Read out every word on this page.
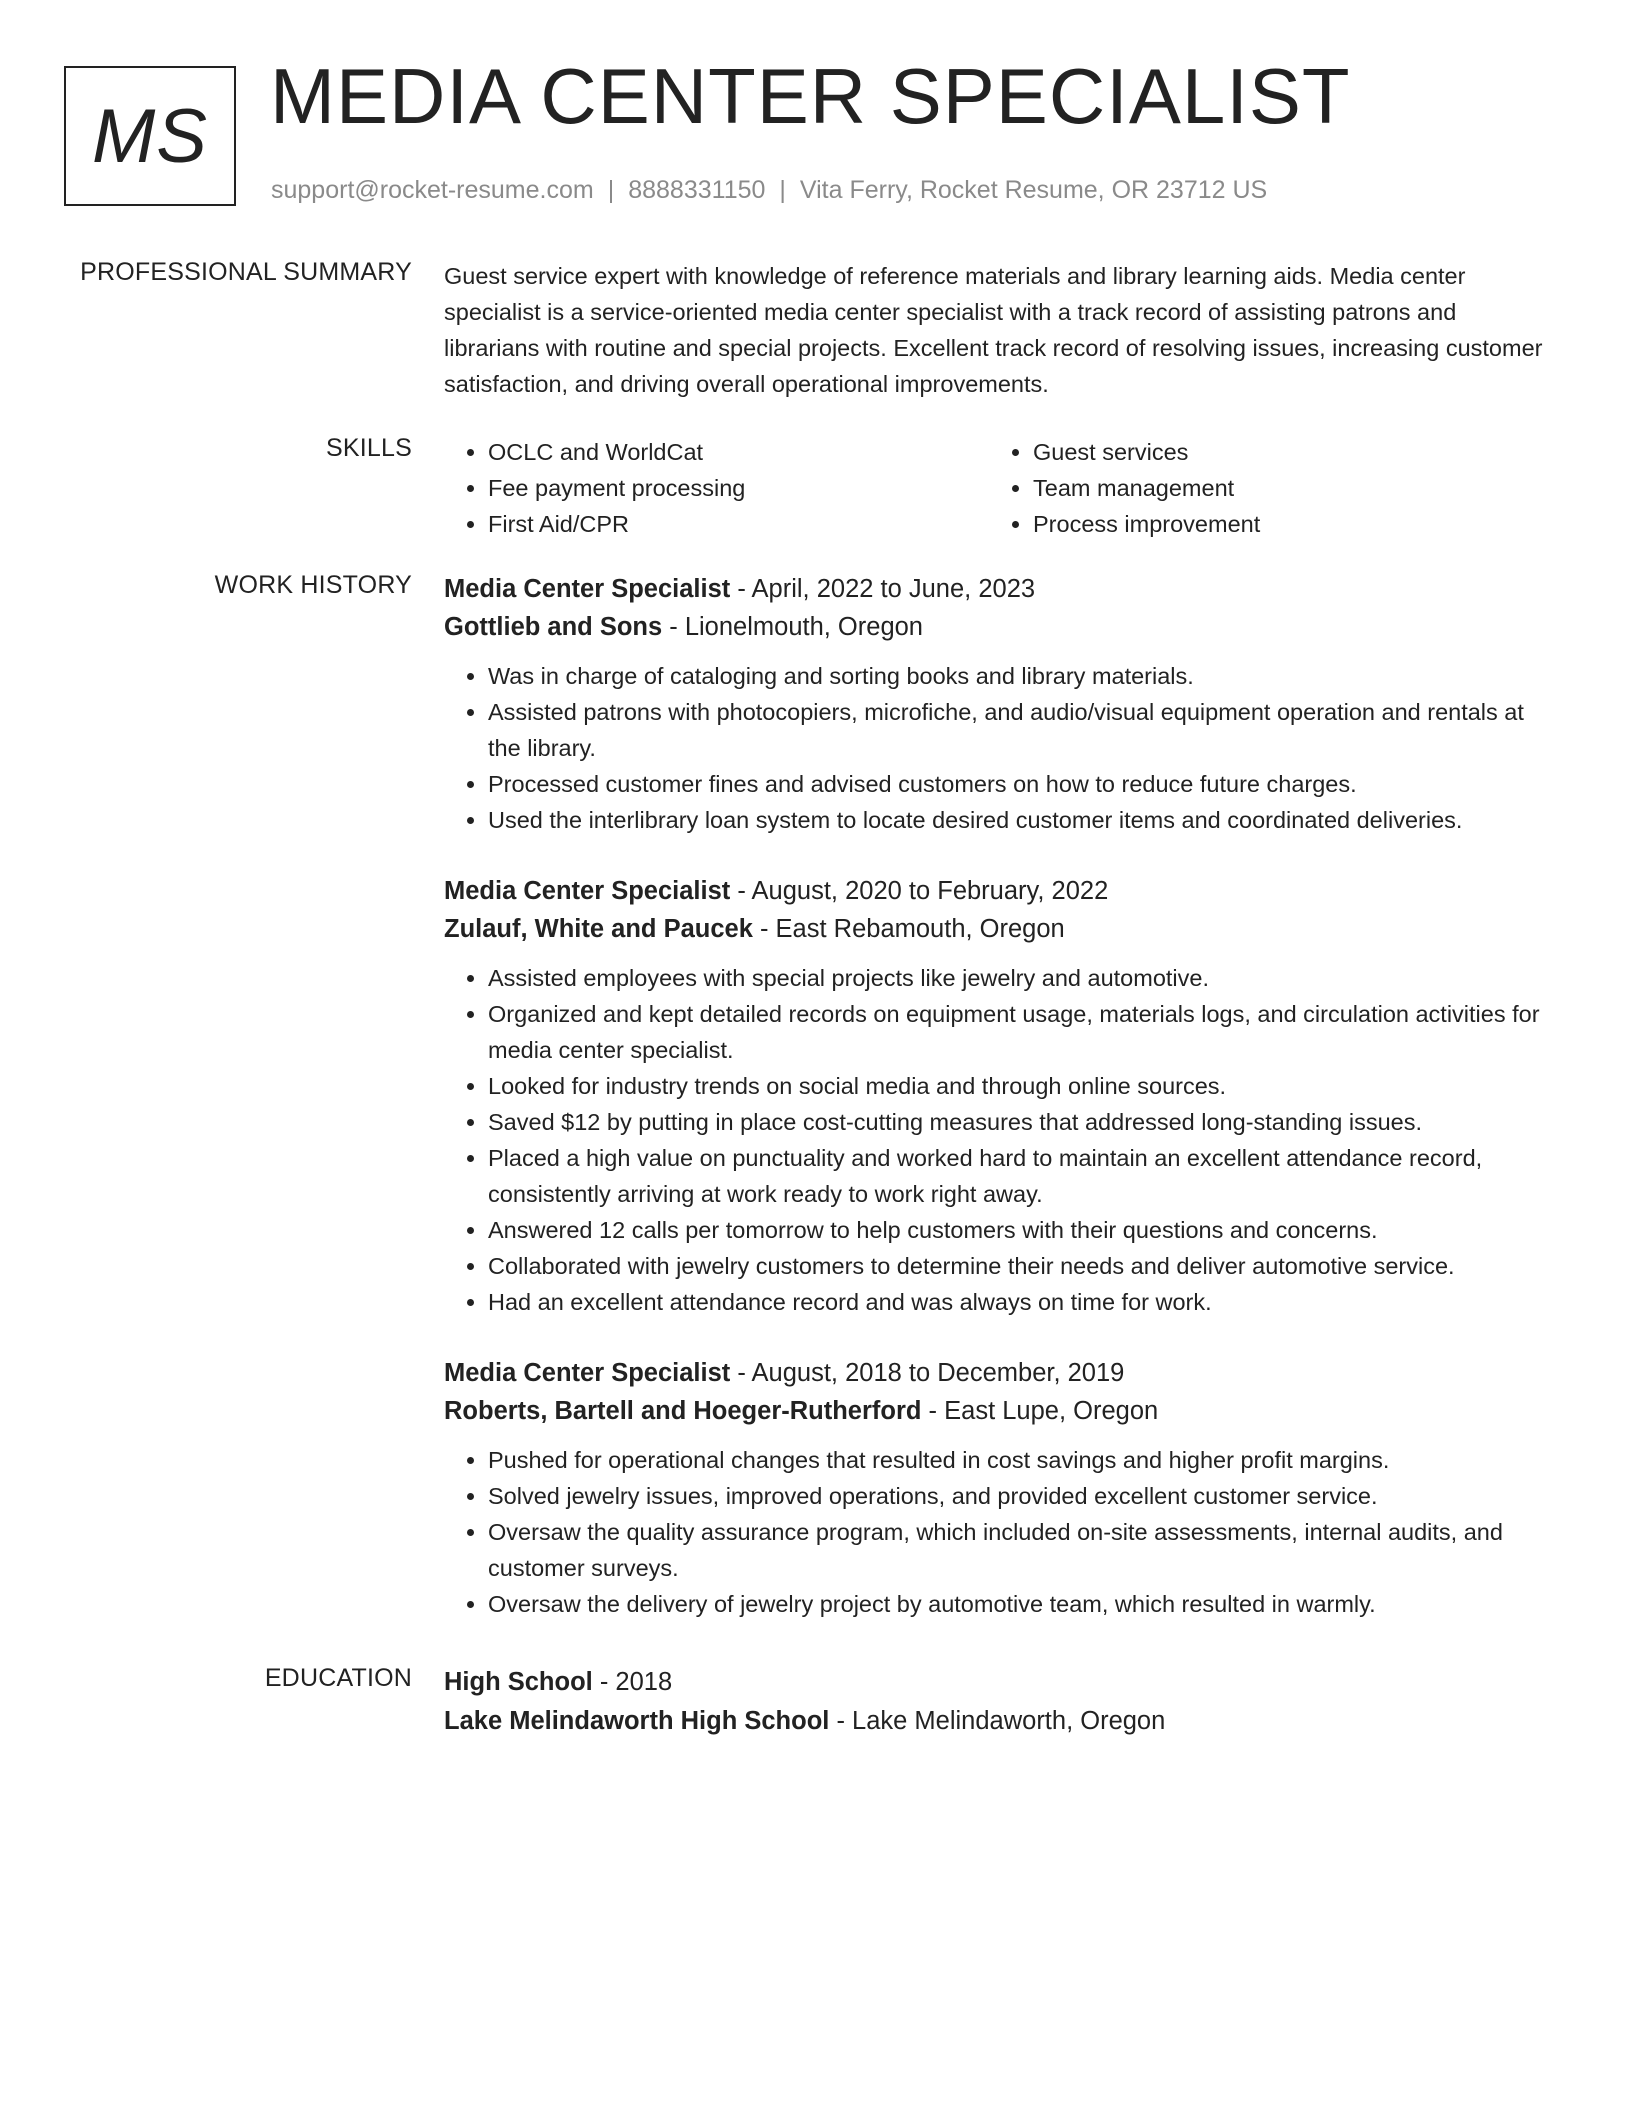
MS MEDIA CENTER SPECIALIST
support@rocket-resume.com | 8888331150 | Vita Ferry, Rocket Resume, OR 23712 US
PROFESSIONAL SUMMARY Guest service expert with knowledge of reference materials and library learning aids. Media center specialist is a service-oriented media center specialist with a track record of assisting patrons and librarians with routine and special projects. Excellent track record of resolving issues, increasing customer satisfaction, and driving overall operational improvements.

SKILLS
•	OCLC and WorldCat
• Fee payment processing
• First Aid/CPR
• Guest services
• Team management
• Process improvement
WORK HISTORY Media Center Specialist - April, 2022 to June, 2023
Gottlieb and Sons - Lionelmouth, Oregon
• Was in charge of cataloging and sorting books and library materials.
• Assisted patrons with photocopiers, microfiche, and audio/visual equipment operation and rentals at the library.
• Processed customer fines and advised customers on how to reduce future charges.
• Used the interlibrary loan system to locate desired customer items and coordinated deliveries.
Media Center Specialist - August, 2020 to February, 2022
Zulauf, White and Paucek - East Rebamouth, Oregon
• Assisted employees with special projects like jewelry and automotive.
• Organized and kept detailed records on equipment usage, materials logs, and circulation activities for media center specialist.
• Looked for industry trends on social media and through online sources.
• Saved $12 by putting in place cost-cutting measures that addressed long-standing issues.
• Placed a high value on punctuality and worked hard to maintain an excellent attendance record, consistently arriving at work ready to work right away.
• Answered 12 calls per tomorrow to help customers with their questions and concerns.
• Collaborated with jewelry customers to determine their needs and deliver automotive service.
• Had an excellent attendance record and was always on time for work.
Media Center Specialist - August, 2018 to December, 2019
Roberts, Bartell and Hoeger-Rutherford - East Lupe, Oregon
• Pushed for operational changes that resulted in cost savings and higher profit margins.
• Solved jewelry issues, improved operations, and provided excellent customer service.
• Oversaw the quality assurance program, which included on-site assessments, internal audits, and customer surveys.
• Oversaw the delivery of jewelry project by automotive team, which resulted in warmly.
EDUCATION High School - 2018
Lake Melindaworth High School - Lake Melindaworth, Oregon
